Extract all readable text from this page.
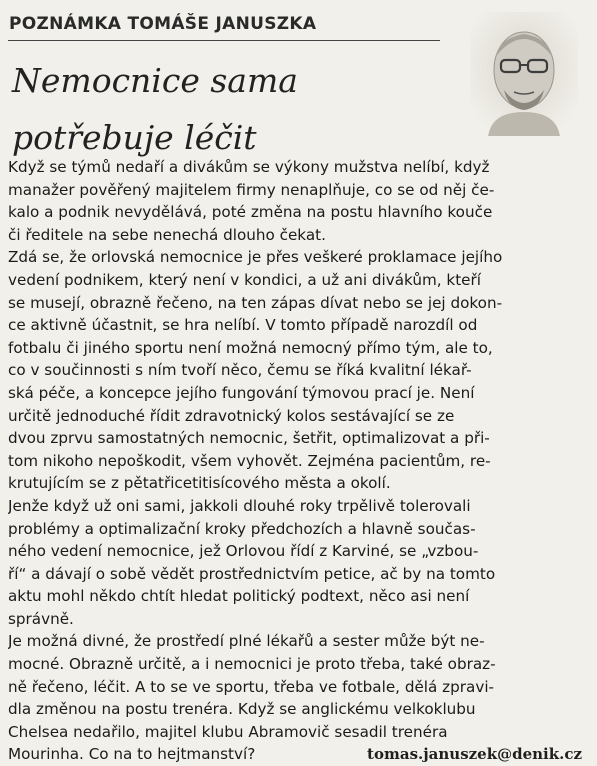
POZNÁMKA TOMÁŠE JANUSZKA
Nemocnice sama
potřebuje léčit
Když se týmů nedaří a divákům se výkony mužstva nelíbí, když
manažer pověřený majitelem firmy nenaplňuje, co se od něj če-
kalo a podnik nevydělává, poté změna na postu hlavního kouče
či ředitele na sebe nenechá dlouho čekat.
Zdá se, že orlovská nemocnice je přes veškeré proklamace jejího
vedení podnikem, který není v kondici, a už ani divákům, kteří
se musejí, obrazně řečeno, na ten zápas dívat nebo se jej dokon-
ce aktivně účastnit, se hra nelíbí. V tomto případě narozdíl od
fotbalu či jiného sportu není možná nemocný přímo tým, ale to,
co v součinnosti s ním tvoří něco, čemu se říká kvalitní lékař-
ská péče, a koncepce jejího fungování týmovou prací je. Není
určitě jednoduché řídit zdravotnický kolos sestávající se ze
dvou zprvu samostatných nemocnic, šetřit, optimalizovat a při-
tom nikoho nepoškodit, všem vyhovět. Zejména pacientům, re-
krutujícím se z pětatřicetitisícového města a okolí.
Jenže když už oni sami, jakkoli dlouhé roky trpělivě tolerovali
problémy a optimalizační kroky předchozích a hlavně součas-
ného vedení nemocnice, jež Orlovou řídí z Karviné, se „vzbou-
ří“ a dávají o sobě vědět prostřednictvím petice, ač by na tomto
aktu mohl někdo chtít hledat politický podtext, něco asi není
správně.
Je možná divné, že prostředí plné lékařů a sester může být ne-
mocné. Obrazně určitě, a i nemocnici je proto třeba, také obraz-
ně řečeno, léčit. A to se ve sportu, třeba ve fotbale, dělá zpravi-
dla změnou na postu trenéra. Když se anglickému velkoklubu
Chelsea nedařilo, majitel klubu Abramovič sesadil trenéra
Mourinha. Co na to hejtmanství?	tomas.januszek@denik.cz
